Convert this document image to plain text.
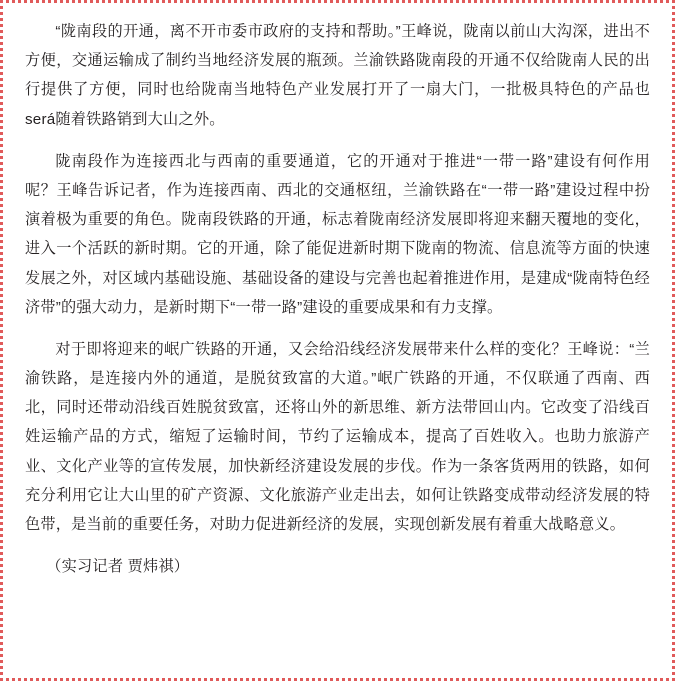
“陇南段的开通，离不开市委市政府的支持和帮助。”王峰说，陇南以前山大沟深，进出不方便，交通运输成了制约当地经济发展的瓶颈。兰渝铁路陇南段的开通不仅给陇南人民的出行提供了方便，同时也给陇南当地特色产业发展打开了一扇大门，一批极具特色的产品也será随着铁路销到大山之外。

陇南段作为连接西北与西南的重要通道，它的开通对于推进“一带一路”建设有何作用呢？王峰告诉记者，作为连接西南、西北的交通枢纽，兰渝铁路在“一带一路”建设过程中扮演着极为重要的角色。陇南段铁路的开通，标志着陇南经济发展即将迎来翻天覆地的变化，进入一个活跃的新时期。它的开通，除了能促进新时期下陇南的物流、信息流等方面的快速发展之外，对区域内基础设施、基础设备的建设与完善也起着推进作用，是建成“陇南特色经济带”的强大动力，是新时期下“一带一路”建设的重要成果和有力支撑。

对于即将迎来的岷广铁路的开通，又会给沿线经济发展带来什么样的变化？王峰说：“兰渝铁路，是连接内外的通道，是脱贫致富的大道。”岷广铁路的开通，不仅联通了西南、西北，同时还带动沿线百姓脱贫致富，还将山外的新思维、新方法带回山内。它改变了沿线百姓运输产品的方式，缩短了运输时间，节约了运输成本，提高了百姓收入。也助力旅游产业、文化产业等的宣传发展，加快新经济建设发展的步伐。作为一条客货两用的铁路，如何充分利用它让大山里的矿产资源、文化旅游产业走出去，如何让铁路变成带动经济发展的特色带，是当前的重要任务，对助力促进新经济的发展，实现创新发展有着重大战略意义。

（实习记者 贾炜祺）
